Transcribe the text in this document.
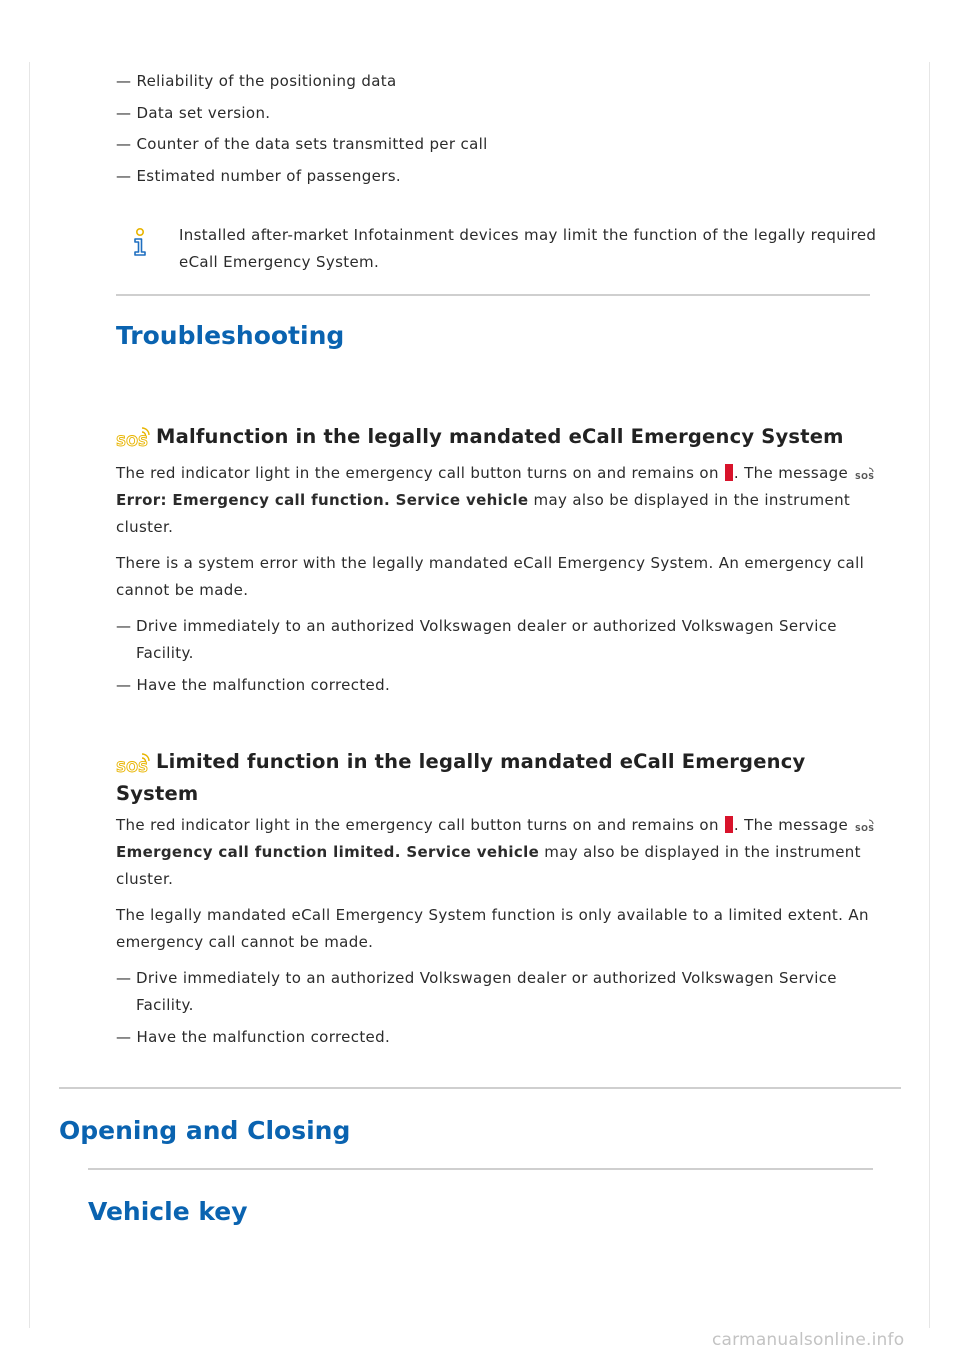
— Reliability of the positioning data
— Data set version.
— Counter of the data sets transmitted per call
— Estimated number of passengers.

Installed after-market Infotainment devices may limit the function of the legally required

eCall Emergency System.

Troubleshooting
SOS Malfunction in the legally mandated eCall Emergency System

The red indicator light in the emergency call button turns on and remains on . The message SOS

Error: Emergency call function. Service vehicle may also be displayed in the instrument

cluster.

There is a system error with the legally mandated eCall Emergency System. An emergency call

cannot be made.

— Drive immediately to an authorized Volkswagen dealer or authorized Volkswagen Service

Facility.

— Have the malfunction corrected.
SOS Limited function in the legally mandated eCall Emergency
System

The red indicator light in the emergency call button turns on and remains on . The message SOS

Emergency call function limited. Service vehicle may also be displayed in the instrument

cluster.

The legally mandated eCall Emergency System function is only available to a limited extent. An

emergency call cannot be made.

— Drive immediately to an authorized Volkswagen dealer or authorized Volkswagen Service

Facility.

— Have the malfunction corrected.
Opening and Closing
Vehicle key
carmanualsonline.info
